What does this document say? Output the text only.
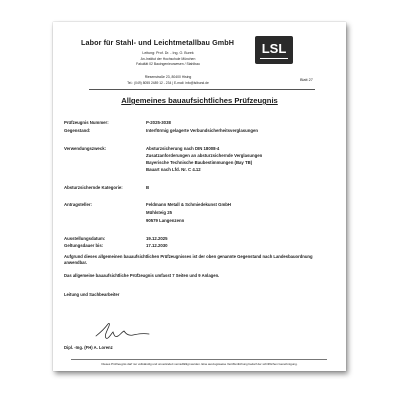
Labor für Stahl- und Leichtmetallbau GmbH
Leitung: Prof. Dr. - Ing. O. Burek
An-Institut der Hochschule München
Fakultät 02 Bauingenieurwesen / Stahlbau
Riesenstraße 23, 80400 Hising
Tel.: (049) 8055 2489 12 - 234 | E-mail: info@lslbund.de
LSL
Blatt 27
Allgemeines bauaufsichtliches Prüfzeugnis
Prüfzeugnis Nummer:	P-2025-3038
Gegenstand:	Interförmig gelagerte Verbundsicherheitsverglasungen
Verwendungszweck:	Absturzsicherung nach DIN 18008-4
Zusatzanforderungen an absturzsichernde Verglasungen
Bayerische Technische Baubestimmungen (Bay TB)
Bauart nach Lfd. Nr. C 4.12
Absturzsichernde Kategorie:	B
Antragsteller:	Feldmann Metall & Schmiedekunst GmbH
Mühlsteig 25
90579 Langenzenn
Ausstellungsdatum:	19.12.2025
Geltungsdauer bis:	17.12.2030
Aufgrund dieses allgemeinen bauaufsichtlichen Prüfzeugnisses ist der oben genannte Gegenstand nach Landesbauordnung anwendbar.
Das allgemeine bauaufsichtliche Prüfzeugnis umfasst 7 Seiten und 9 Anlagen.
Leitung und Sachbearbeiter
Dipl. -Ing. (FH) A. Lorenz
Dieses Prüfzeugnis darf nur vollständig und unverändert vervielfältigt werden. Eine auszugsweise Veröffentlichung bedarf der schriftlichen Genehmigung.
